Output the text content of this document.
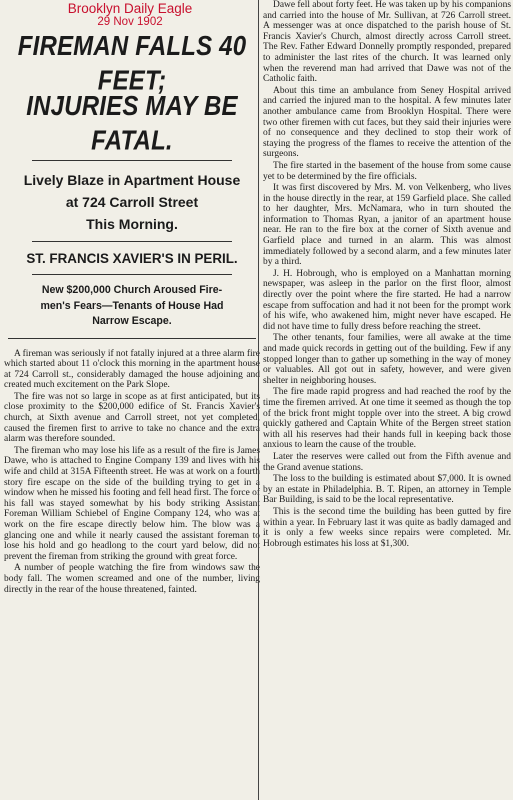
Brooklyn Daily Eagle
29 Nov 1902

FIREMAN FALLS 40 FEET;

INJURIES MAY BE FATAL.

Lively Blaze in Apartment House

at 724 Carroll Street

This Morning.

ST. FRANCIS XAVIER'S IN PERIL.

New $200,000 Church Aroused Fire-

men's Fears—Tenants of House Had

Narrow Escape.

A fireman was seriously if not fatally injured at a three alarm fire which started about 11 o'clock this morning in the apartment house at 724 Carroll st., considerably damaged the house adjoining and created much excitement on the Park Slope.

The fire was not so large in scope as at first anticipated, but its close proximity to the $200,000 edifice of St. Francis Xavier's church, at Sixth avenue and Carroll street, not yet completed, caused the firemen first to arrive to take no chance and the extra alarm was therefore sounded.

The fireman who may lose his life as a result of the fire is James Dawe, who is attached to Engine Company 139 and lives with his wife and child at 315A Fifteenth street. He was at work on a fourth story fire escape on the side of the building trying to get in a window when he missed his footing and fell head first. The force of his fall was stayed somewhat by his body striking Assistant Foreman William Schiebel of Engine Company 124, who was at work on the fire escape directly below him. The blow was a glancing one and while it nearly caused the assistant foreman to lose his hold and go headlong to the court yard below, did not prevent the fireman from striking the ground with great force.

A number of people watching the fire from windows saw the body fall. The women screamed and one of the number, living directly in the rear of the house threatened, fainted.

Dawe fell about forty feet. He was taken up by his companions and carried into the house of Mr. Sullivan, at 726 Carroll street. A messenger was at once dispatched to the parish house of St. Francis Xavier's Church, almost directly across Carroll street. The Rev. Father Edward Donnelly promptly responded, prepared to administer the last rites of the church. It was learned only when the reverend man had arrived that Dawe was not of the Catholic faith.

About this time an ambulance from Seney Hospital arrived and carried the injured man to the hospital. A few minutes later another ambulance came from Brooklyn Hospital. There were two other firemen with cut faces, but they said their injuries were of no consequence and they declined to stop their work of staying the progress of the flames to receive the attention of the surgeons.

The fire started in the basement of the house from some cause yet to be determined by the fire officials.

It was first discovered by Mrs. M. von Velkenberg, who lives in the house directly in the rear, at 159 Garfield place. She called to her daughter, Mrs. McNamara, who in turn shouted the information to Thomas Ryan, a janitor of an apartment house near. He ran to the fire box at the corner of Sixth avenue and Garfield place and turned in an alarm. This was almost immediately followed by a second alarm, and a few minutes later by a third.

J. H. Hobrough, who is employed on a Manhattan morning newspaper, was asleep in the parlor on the first floor, almost directly over the point where the fire started. He had a narrow escape from suffocation and had it not been for the prompt work of his wife, who awakened him, might never have escaped. He did not have time to fully dress before reaching the street.

The other tenants, four families, were all awake at the time and made quick records in getting out of the building. Few if any stopped longer than to gather up something in the way of money or valuables. All got out in safety, however, and were given shelter in neighboring houses.

The fire made rapid progress and had reached the roof by the time the firemen arrived. At one time it seemed as though the top of the brick front might topple over into the street. A big crowd quickly gathered and Captain White of the Bergen street station with all his reserves had their hands full in keeping back those anxious to learn the cause of the trouble.

Later the reserves were called out from the Fifth avenue and the Grand avenue stations.

The loss to the building is estimated about $7,000. It is owned by an estate in Philadelphia. B. T. Ripen, an attorney in Temple Bar Building, is said to be the local representative.

This is the second time the building has been gutted by fire within a year. In February last it was quite as badly damaged and it is only a few weeks since repairs were completed. Mr. Hobrough estimates his loss at $1,300.
